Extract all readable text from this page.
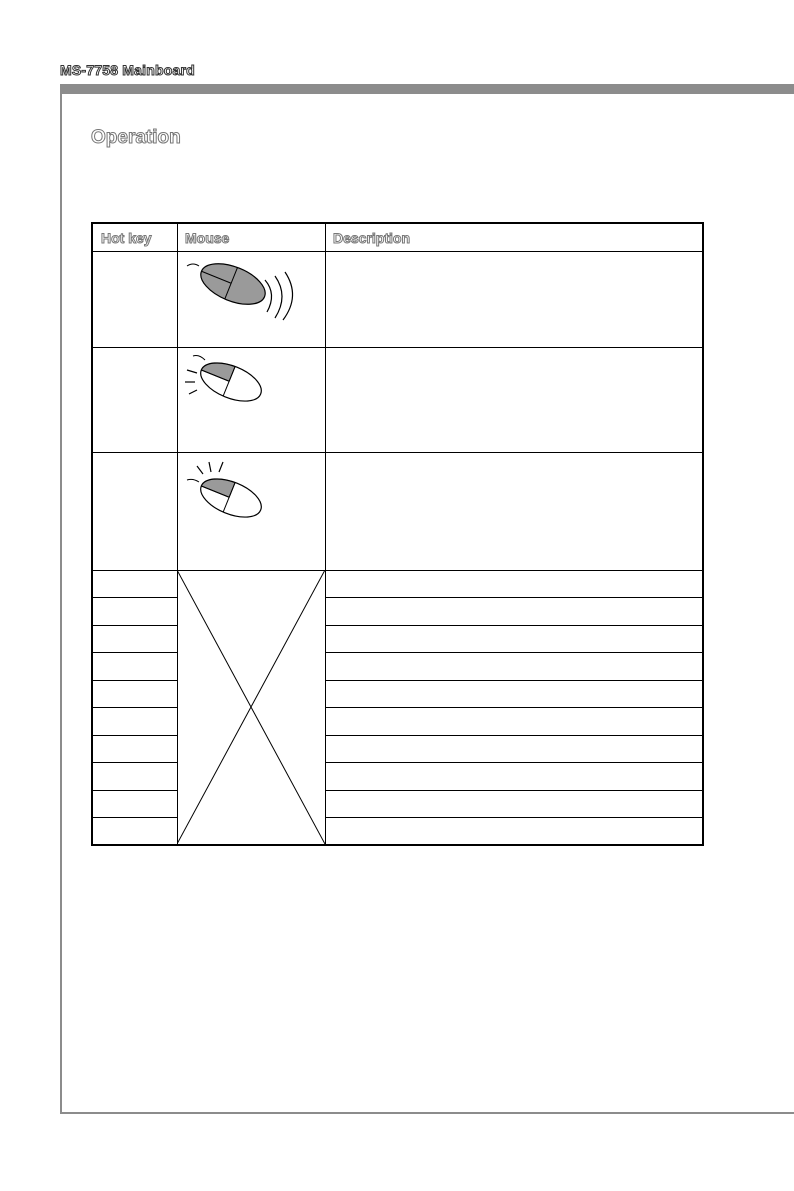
MS-7758 Mainboard
Operation
Hot key Mouse	Description
